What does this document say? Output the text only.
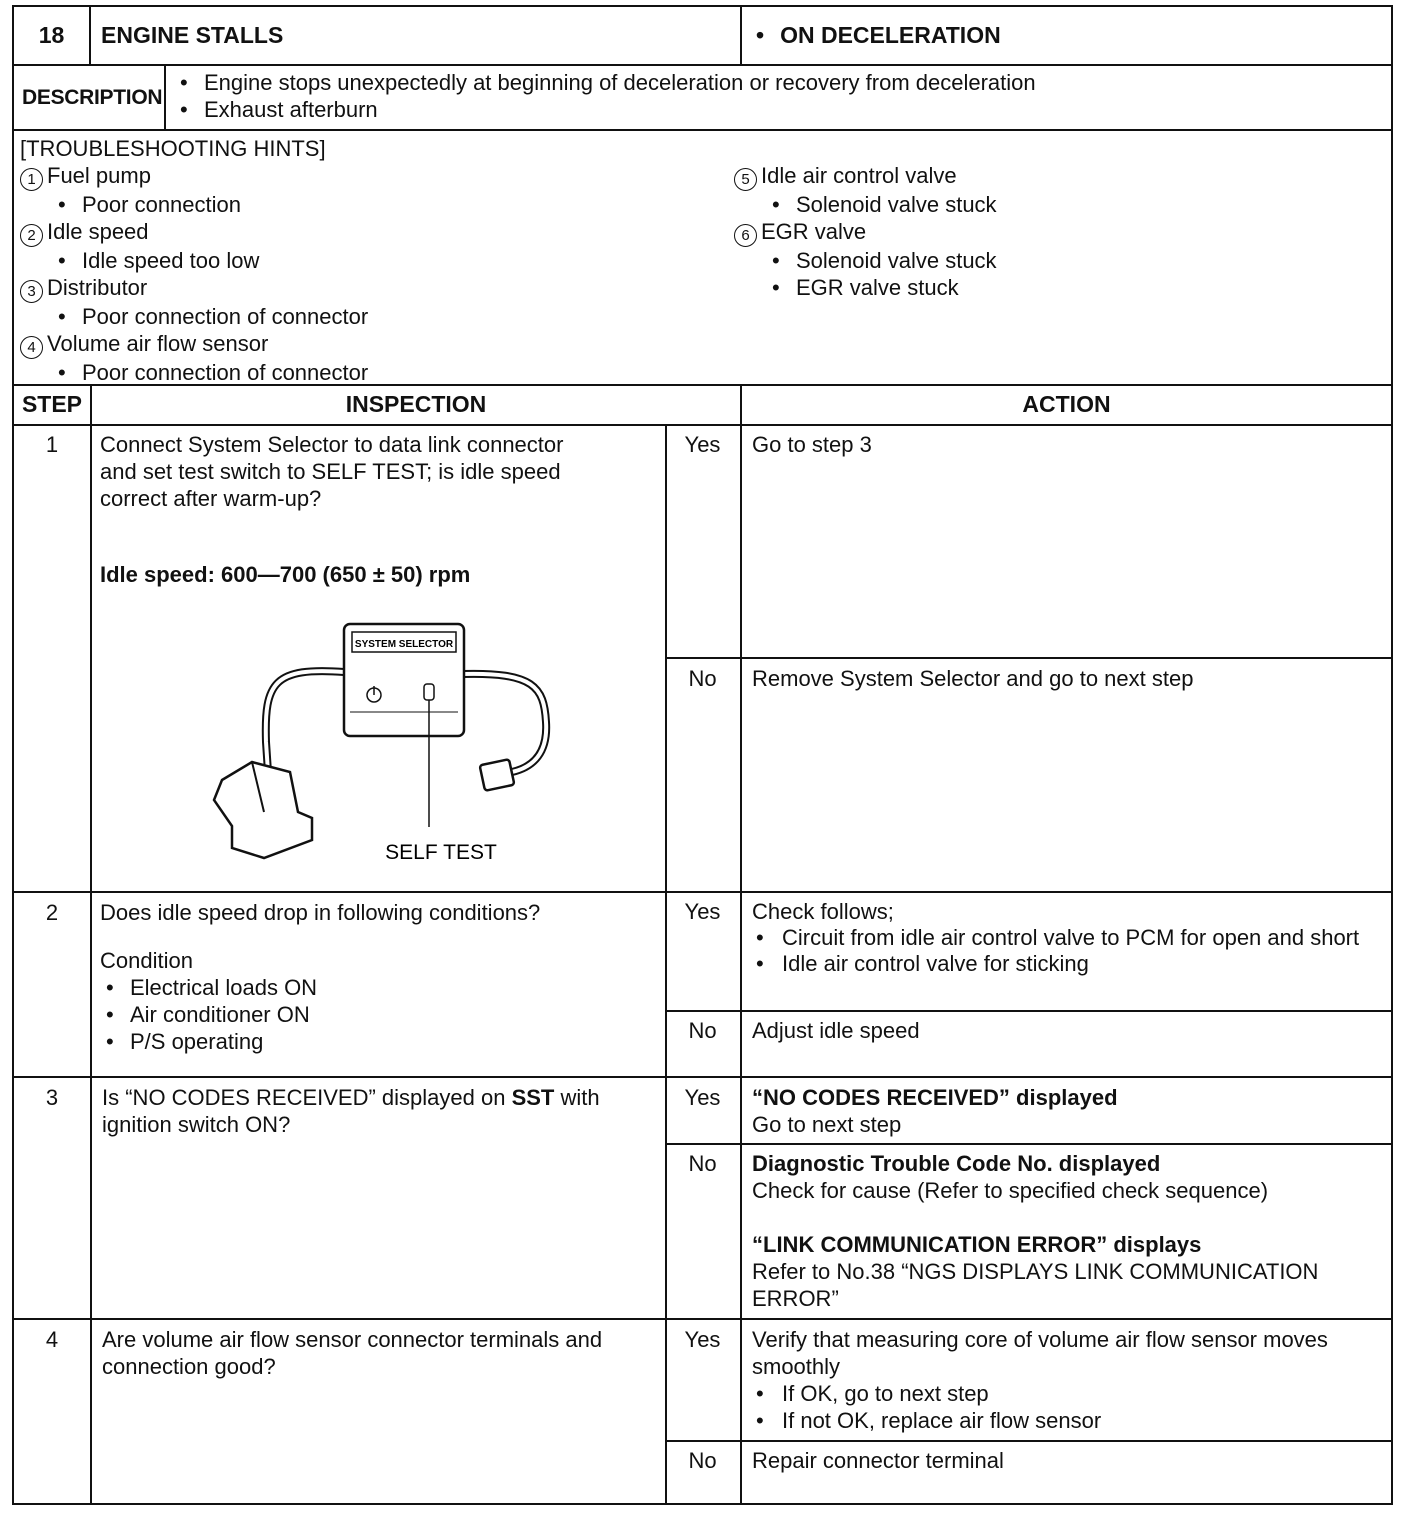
18	ENGINE STALLS	• ON DECELERATION
DESCRIPTION
• Engine stops unexpectedly at beginning of deceleration or recovery from deceleration
• Exhaust afterburn
[TROUBLESHOOTING HINTS]
1 Fuel pump
• Poor connection
2 Idle speed
• Idle speed too low
3 Distributor
• Poor connection of connector
4 Volume air flow sensor
• Poor connection of connector
5 Idle air control valve
• Solenoid valve stuck
6 EGR valve
• Solenoid valve stuck
• EGR valve stuck
STEP	INSPECTION	ACTION
1	Connect System Selector to data link connector
and set test switch to SELF TEST; is idle speed
correct after warm-up?
Idle speed: 600—700 (650 ± 50) rpm
SYSTEM SELECTOR
SELF TEST
Yes	Go to step 3
No	Remove System Selector and go to next step
2	Does idle speed drop in following conditions?
Condition
• Electrical loads ON
• Air conditioner ON
• P/S operating
Yes	Check follows;
• Circuit from idle air control valve to PCM for open and short
• Idle air control valve for sticking
No	Adjust idle speed
3	Is “NO CODES RECEIVED” displayed on SST with
ignition switch ON?
Yes	“NO CODES RECEIVED” displayed
Go to next step
No	Diagnostic Trouble Code No. displayed
Check for cause (Refer to specified check sequence)
“LINK COMMUNICATION ERROR” displays
Refer to No.38 “NGS DISPLAYS LINK COMMUNICATION ERROR”
4	Are volume air flow sensor connector terminals and
connection good?
Yes	Verify that measuring core of volume air flow sensor moves smoothly
• If OK, go to next step
• If not OK, replace air flow sensor
No	Repair connector terminal
